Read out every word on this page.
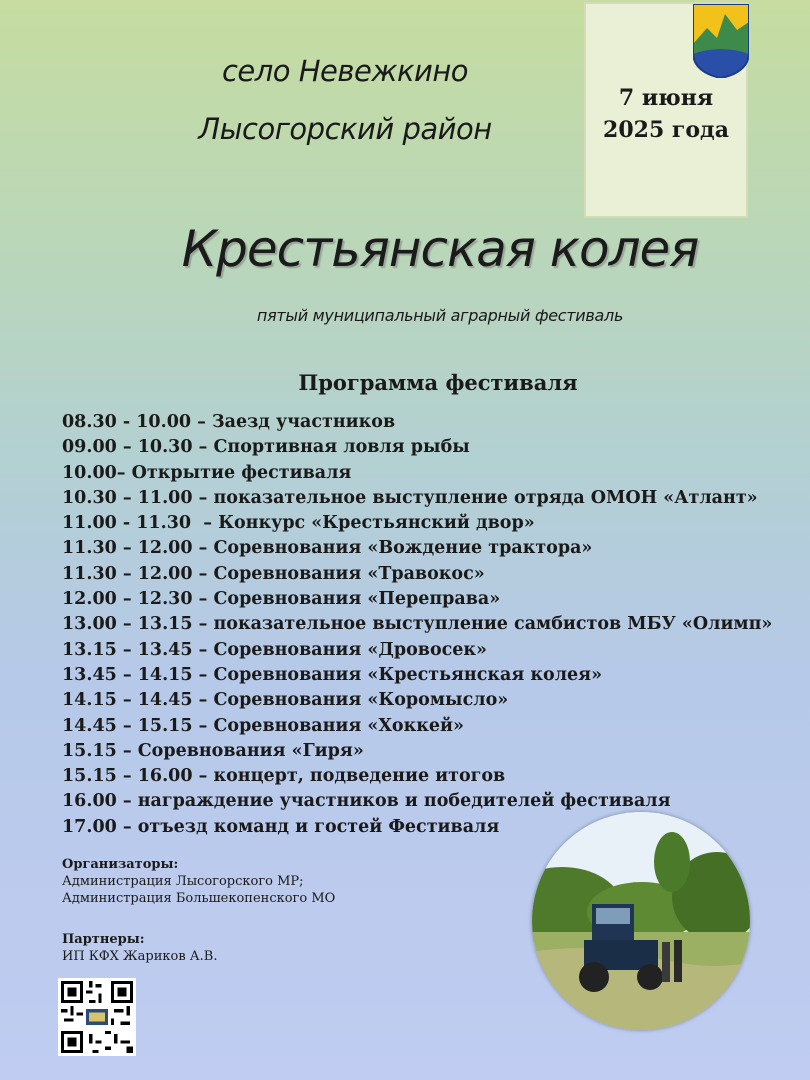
село Невежкино
Лысогорский район
7 июня
2025 года
Крестьянская колея
пятый муниципальный аграрный фестиваль
Программа фестиваля
08.30 - 10.00 – Заезд участников
09.00 – 10.30 – Спортивная ловля рыбы
10.00– Открытие фестиваля
10.30 – 11.00 – показательное выступление отряда ОМОН «Атлант»
11.00 - 11.30  – Конкурс «Крестьянский двор»
11.30 – 12.00 – Соревнования «Вождение трактора»
11.30 – 12.00 – Соревнования «Травокос»
12.00 – 12.30 – Соревнования «Переправа»
13.00 – 13.15 – показательное выступление самбистов МБУ «Олимп»
13.15 – 13.45 – Соревнования «Дровосек»
13.45 – 14.15 – Соревнования «Крестьянская колея»
14.15 – 14.45 – Соревнования «Коромысло»
14.45 – 15.15 – Соревнования «Хоккей»
15.15 – Соревнования «Гиря»
15.15 – 16.00 – концерт, подведение итогов
16.00 – награждение участников и победителей фестиваля
17.00 – отъезд команд и гостей Фестиваля
Организаторы:
Администрация Лысогорского МР;
Администрация Большекопенского МО
Партнеры:
ИП КФХ Жариков А.В.
